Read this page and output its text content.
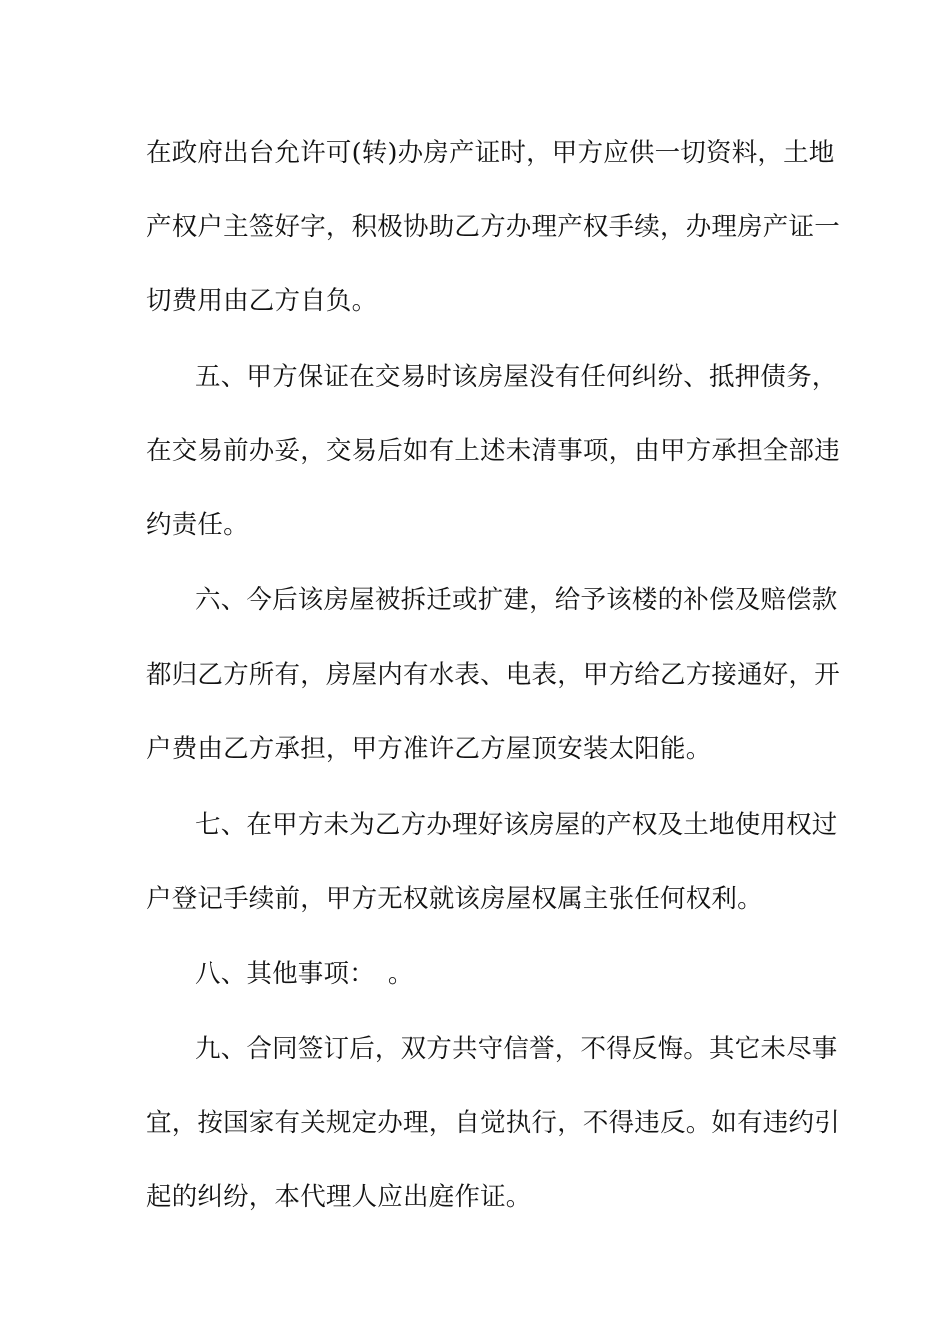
在政府出台允许可(转)办房产证时，甲方应供一切资料，土地
产权户主签好字，积极协助乙方办理产权手续，办理房产证一
切费用由乙方自负。
五、甲方保证在交易时该房屋没有任何纠纷、抵押债务，
在交易前办妥，交易后如有上述未清事项，由甲方承担全部违
约责任。
六、今后该房屋被拆迁或扩建，给予该楼的补偿及赔偿款
都归乙方所有，房屋内有水表、电表，甲方给乙方接通好，开
户费由乙方承担，甲方准许乙方屋顶安装太阳能。
七、在甲方未为乙方办理好该房屋的产权及土地使用权过
户登记手续前，甲方无权就该房屋权属主张任何权利。
八、其他事项：　。
九、合同签订后，双方共守信誉，不得反悔。其它未尽事
宜，按国家有关规定办理，自觉执行，不得违反。如有违约引
起的纠纷，本代理人应出庭作证。
